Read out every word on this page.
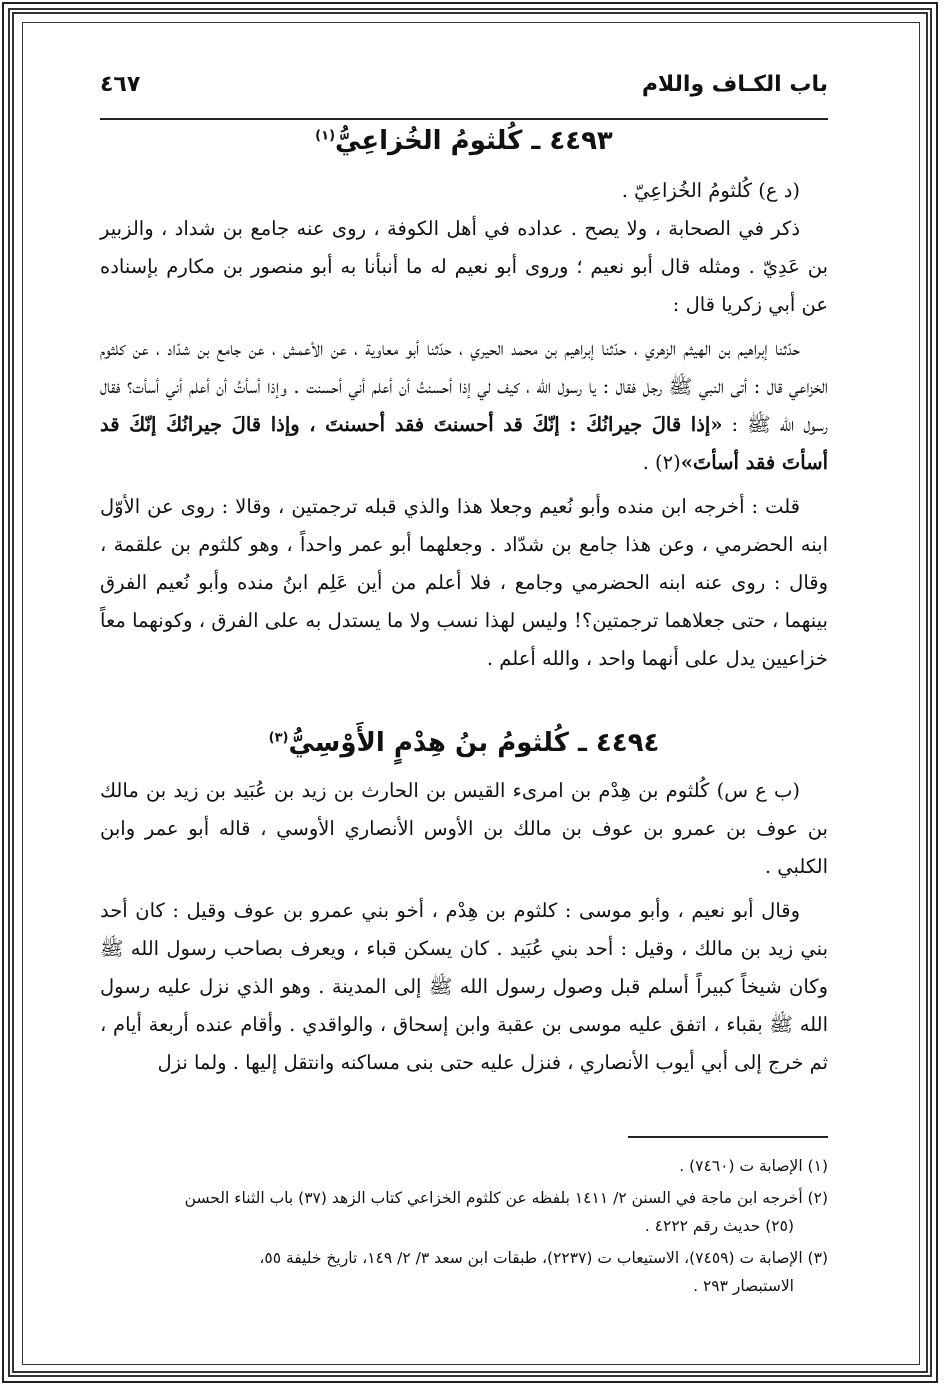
باب الكـاف واللام
٤٦٧
٤٤٩٣ ـ كُلثومُ الخُزاعِيُّ$^{(١)}$

(د ع) كُلثومُ الخُزاعِيّ .

ذكر في الصحابة ، ولا يصح . عداده في أهل الكوفة ، روى عنه جامع بن شداد ، والزبير بن عَدِيّ . ومثله قال أبو نعيم ؛ وروى أبو نعيم له ما أنبأنا به أبو منصور بن مكارم بإسناده عن أبي زكريا قال :

حدّثنا إبراهيم بن الهيثم الزهري ، حدّثنا إبراهيم بن محمد الحيري ، حدّثنا أبو معاوية ، عن الأعمش ، عن جامع بن شدّاد ، عن كلثوم الخزاعي قال : أتى النبي ﷺ رجل فقال : يا رسول الله ، كيف لي إذا أحسنتُ أن أعلم أني أحسنت . وإذا أسأتُ أن أعلم أني أسأت؟ فقال رسول الله ﷺ : «إذا قالَ جيرانُكَ : إنّكَ قد أحسنتَ فقد أحسنتَ ، وإذا قالَ جيرانُكَ إنّكَ قد أسأتَ فقد أسأتَ»(٢) .

قلت : أخرجه ابن منده وأبو نُعيم وجعلا هذا والذي قبله ترجمتين ، وقالا : روى عن الأوّل ابنه الحضرمي ، وعن هذا جامع بن شدّاد . وجعلهما أبو عمر واحداً ، وهو كلثوم بن علقمة ، وقال : روى عنه ابنه الحضرمي وجامع ، فلا أعلم من أين عَلِم ابنُ منده وأبو نُعيم الفرق بينهما ، حتى جعلاهما ترجمتين؟! وليس لهذا نسب ولا ما يستدل به على الفرق ، وكونهما معاً خزاعيين يدل على أنهما واحد ، والله أعلم .

٤٤٩٤ ـ كُلثومُ بنُ هِدْمٍ الأَوْسِيُّ$^{(٣)}$

(ب ع س) كُلثوم بن هِدْم بن امرىء القيس بن الحارث بن زيد بن عُبَيد بن زيد بن مالك بن عوف بن عمرو بن عوف بن مالك بن الأوس الأنصاري الأوسي ، قاله أبو عمر وابن الكلبي .

وقال أبو نعيم ، وأبو موسى : كلثوم بن هِدْم ، أخو بني عمرو بن عوف وقيل : كان أحد بني زيد بن مالك ، وقيل : أحد بني عُبَيد . كان يسكن قباء ، ويعرف بصاحب رسول الله ﷺ وكان شيخاً كبيراً أسلم قبل وصول رسول الله ﷺ إلى المدينة . وهو الذي نزل عليه رسول الله ﷺ بقباء ، اتفق عليه موسى بن عقبة وابن إسحاق ، والواقدي . وأقام عنده أربعة أيام ، ثم خرج إلى أبي أيوب الأنصاري ، فنزل عليه حتى بنى مساكنه وانتقل إليها . ولما نزل

(١) الإصابة ت (٧٤٦٠) .

(٢) أخرجه ابن ماجة في السنن ٢/ ١٤١١ بلفظه عن كلثوم الخزاعي كتاب الزهد (٣٧) باب الثناء الحسن
(٢٥) حديث رقم ٤٢٢٢ .

(٣) الإصابة ت (٧٤٥٩)، الاستيعاب ت (٢٢٣٧)، طبقات ابن سعد ٣/ ٢/ ١٤٩، تاريخ خليفة ٥٥،
الاستبصار ٢٩٣ .
